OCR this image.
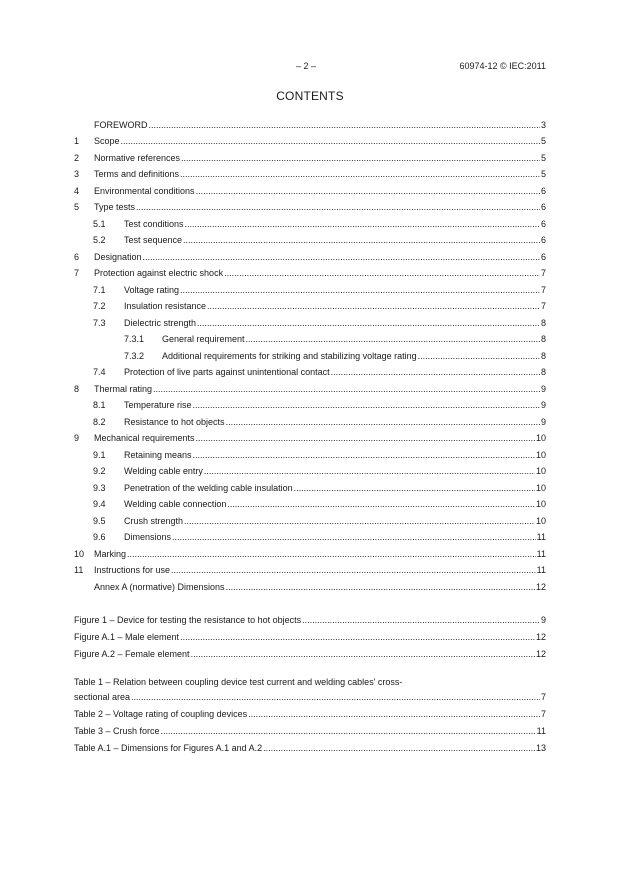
– 2 –	60974-12 © IEC:2011
CONTENTS
FOREWORD .....	3
1	Scope .....	5
2	Normative references .....	5
3	Terms and definitions .....	5
4	Environmental conditions .....	6
5	Type tests .....	6
5.1	Test conditions .....	6
5.2	Test sequence .....	6
6	Designation .....	6
7	Protection against electric shock .....	7
7.1	Voltage rating .....	7
7.2	Insulation resistance .....	7
7.3	Dielectric strength .....	8
7.3.1	General requirement .....	8
7.3.2	Additional requirements for striking and stabilizing voltage rating .....	8
7.4	Protection of live parts against unintentional contact .....	8
8	Thermal rating .....	9
8.1	Temperature rise .....	9
8.2	Resistance to hot objects .....	9
9	Mechanical requirements .....	10
9.1	Retaining means .....	10
9.2	Welding cable entry .....	10
9.3	Penetration of the welding cable insulation .....	10
9.4	Welding cable connection .....	10
9.5	Crush strength .....	10
9.6	Dimensions .....	11
10	Marking .....	11
11	Instructions for use .....	11
Annex A (normative) Dimensions .....	12
Figure 1 – Device for testing the resistance to hot objects .....	9
Figure A.1 – Male element .....	12
Figure A.2 – Female element .....	12
Table 1 – Relation between coupling device test current and welding cables' cross-
sectional area .....	7
Table 2 – Voltage rating of coupling devices .....	7
Table 3 – Crush force .....	11
Table A.1 – Dimensions for Figures A.1 and A.2 .....	13
